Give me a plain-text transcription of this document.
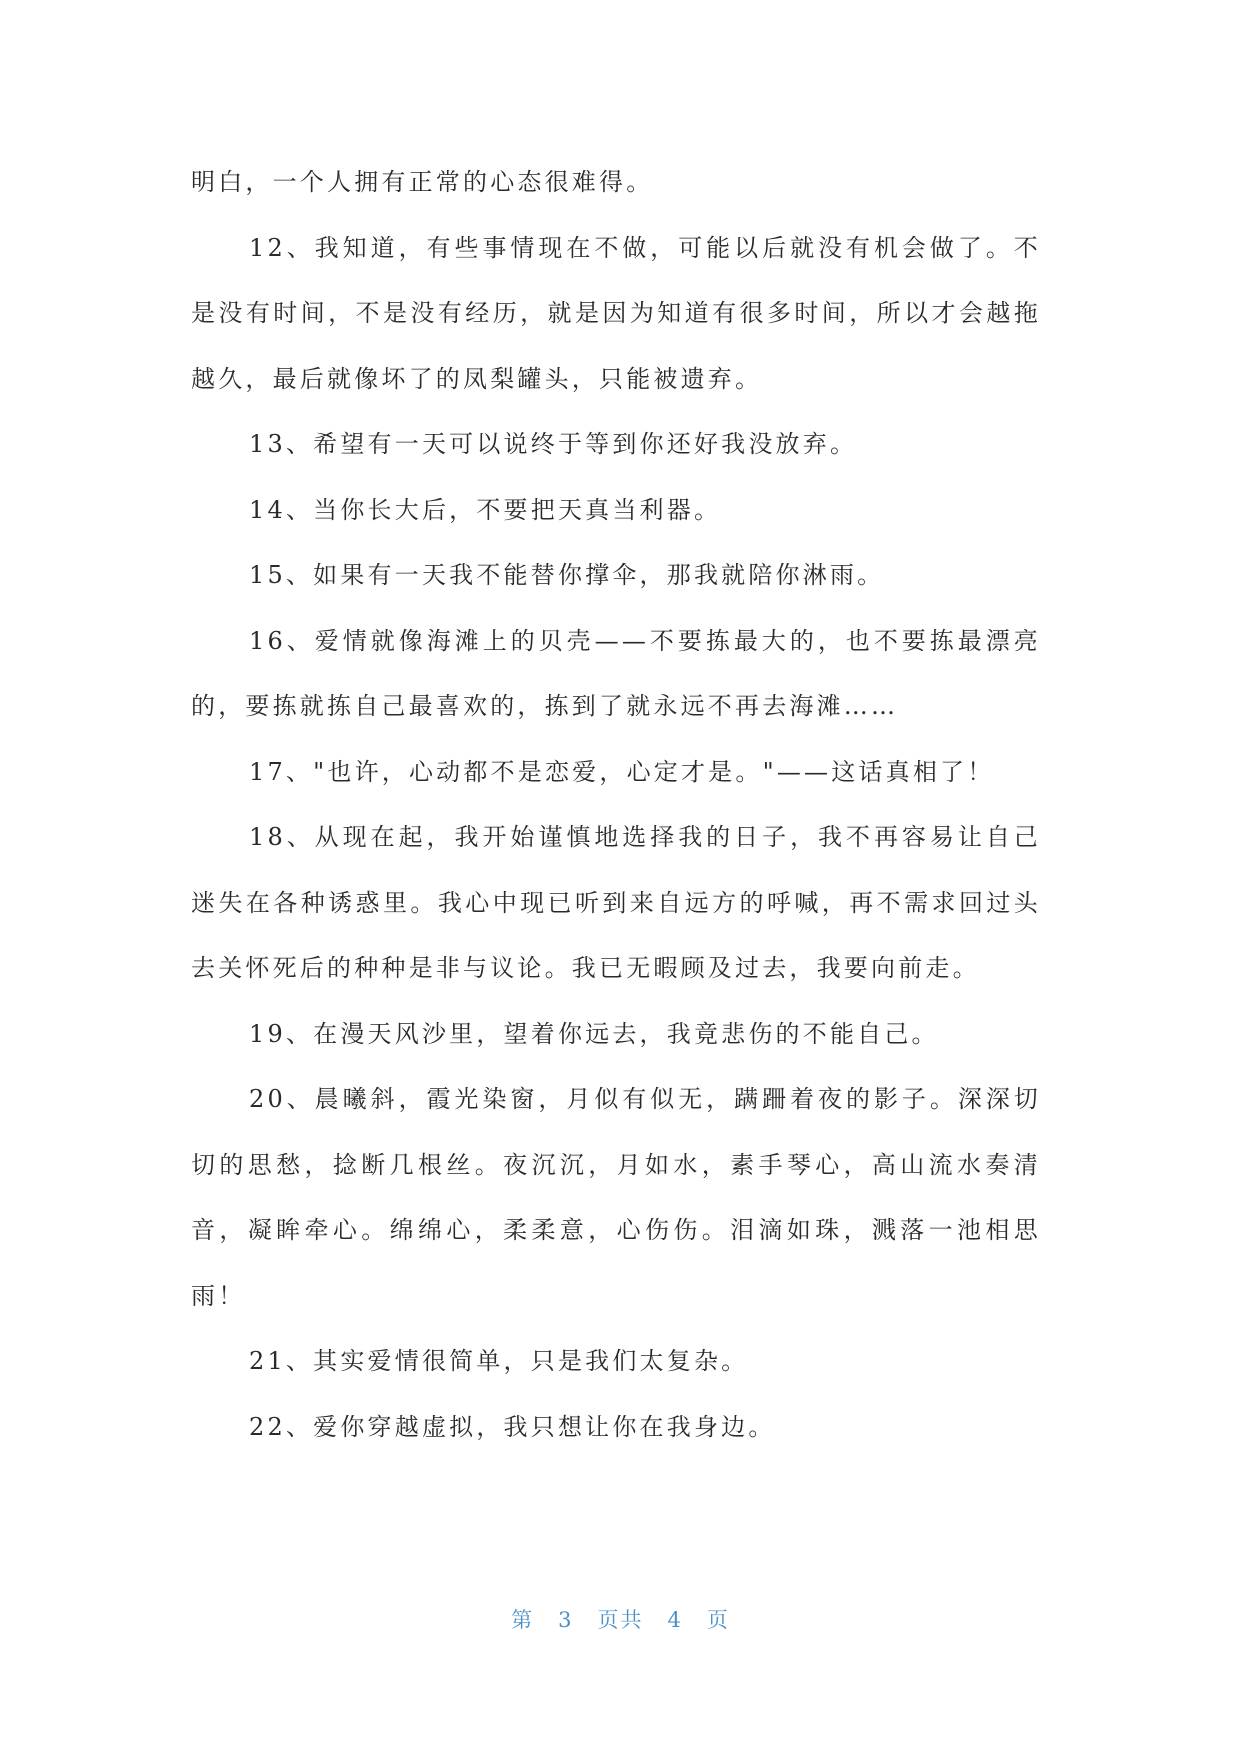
明白，一个人拥有正常的心态很难得。

12、我知道，有些事情现在不做，可能以后就没有机会做了。不是没有时间，不是没有经历，就是因为知道有很多时间，所以才会越拖越久，最后就像坏了的凤梨罐头，只能被遗弃。

13、希望有一天可以说终于等到你还好我没放弃。

14、当你长大后，不要把天真当利器。

15、如果有一天我不能替你撑伞，那我就陪你淋雨。

16、爱情就像海滩上的贝壳——不要拣最大的，也不要拣最漂亮的，要拣就拣自己最喜欢的，拣到了就永远不再去海滩……

17、"也许，心动都不是恋爱，心定才是。"——这话真相了！

18、从现在起，我开始谨慎地选择我的日子，我不再容易让自己迷失在各种诱惑里。我心中现已听到来自远方的呼喊，再不需求回过头去关怀死后的种种是非与议论。我已无暇顾及过去，我要向前走。

19、在漫天风沙里，望着你远去，我竟悲伤的不能自己。

20、晨曦斜，霞光染窗，月似有似无，蹒跚着夜的影子。深深切切的思愁，捻断几根丝。夜沉沉，月如水，素手琴心，高山流水奏清音，凝眸牵心。绵绵心，柔柔意，心伤伤。泪滴如珠，溅落一池相思雨！

21、其实爱情很简单，只是我们太复杂。

22、爱你穿越虚拟，我只想让你在我身边。

第 3 页共 4 页
